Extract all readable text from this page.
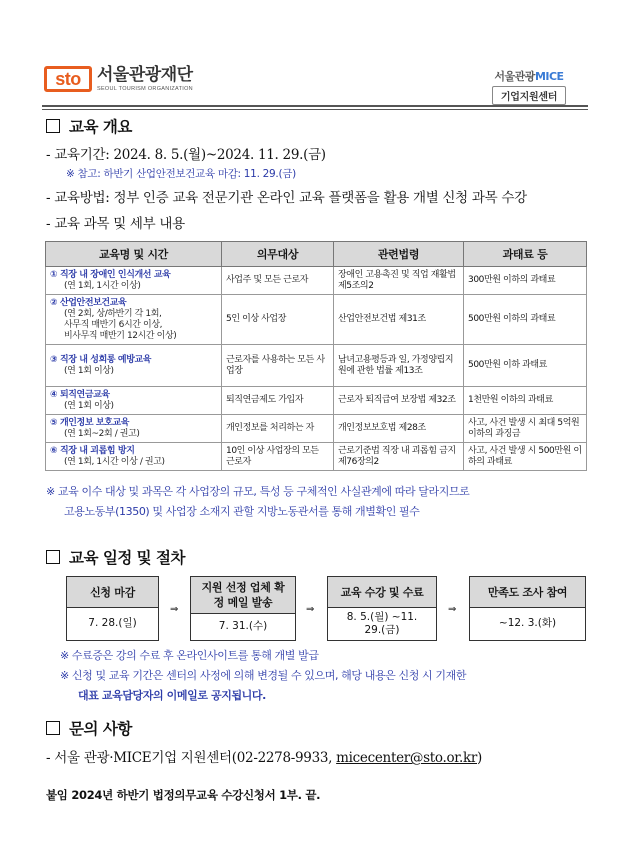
sto 서울관광재단
SEOUL TOURISM ORGANIZATION
서울관광MICE
기업지원센터
교육 개요
- 교육기간: 2024. 8. 5.(월)~2024. 11. 29.(금)
※ 참고: 하반기 산업안전보건교육 마감: 11. 29.(금)
- 교육방법: 정부 인증 교육 전문기관 온라인 교육 플랫폼을 활용 개별 신청 과목 수강
- 교육 과목 및 세부 내용
교육명 및 시간	의무대상	관련법령	과태료 등
① 직장 내 장애인 인식개선 교육
(연 1회, 1시간 이상)	사업주 및 모든 근로자	장애인 고용촉진 및 직업 재활법 제5조의2	300만원 이하의 과태료
② 산업안전보건교육
(연 2회, 상/하반기 각 1회,
사무직 매반기 6시간 이상,
비사무직 매반기 12시간 이상)	5인 이상 사업장	산업안전보건법 제31조	500만원 이하의 과태료
③ 직장 내 성희롱 예방교육
(연 1회 이상)	근로자를 사용하는 모든 사업장	남녀고용평등과 일, 가정양립지원에 관한 법률 제13조	500만원 이하 과태료
④ 퇴직연금교육
(연 1회 이상)	퇴직연금제도 가입자	근로자 퇴직급여 보장법 제32조	1천만원 이하의 과태료
⑤ 개인정보 보호교육
(연 1회~2회 / 권고)	개인정보를 처리하는 자	개인정보보호법 제28조	사고, 사건 발생 시 최대 5억원 이하의 과징금
⑥ 직장 내 괴롭힘 방지
(연 1회, 1시간 이상 / 권고)	10인 이상 사업장의 모든 근로자	근로기준법 직장 내 괴롭힘 금지 제76장의2	사고, 사건 발생 시 500만원 이하의 과태료
※ 교육 이수 대상 및 과목은 각 사업장의 규모, 특성 등 구체적인 사실관계에 따라 달라지므로
고용노동부(1350) 및 사업장 소재지 관할 지방노동관서를 통해 개별확인 필수
교육 일정 및 절차
신청 마감
7. 28.(일)
⇒
지원 선정 업체 확정 메일 발송
7. 31.(수)
⇒
교육 수강 및 수료
8. 5.(월) ~11. 29.(금)
⇒
만족도 조사 참여
~12. 3.(화)
※ 수료증은 강의 수료 후 온라인사이트를 통해 개별 발급
※ 신청 및 교육 기간은 센터의 사정에 의해 변경될 수 있으며, 해당 내용은 신청 시 기재한
대표 교육담당자의 이메일로 공지됩니다.
문의 사항
- 서울 관광·MICE기업 지원센터(02-2278-9933, micecenter@sto.or.kr)
붙임 2024년 하반기 법정의무교육 수강신청서 1부. 끝.
